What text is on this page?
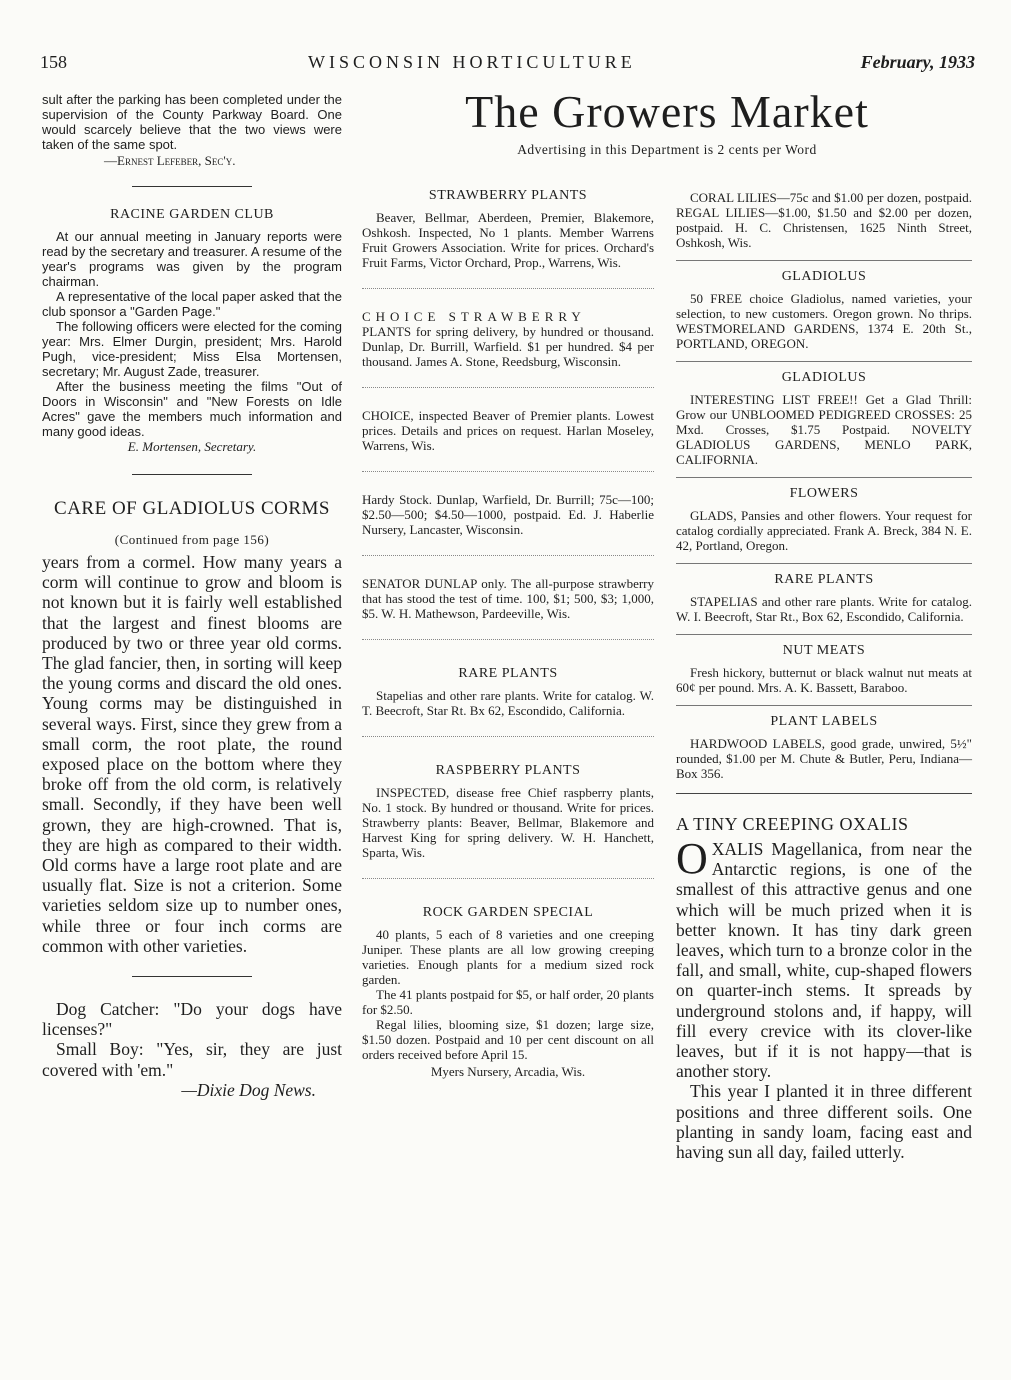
158	WISCONSIN HORTICULTURE	February, 1933

sult after the parking has been completed under the supervision of the County Parkway Board. One would scarcely believe that the two views were taken of the same spot.

—Ernest Lefeber, Sec'y.
RACINE GARDEN CLUB

At our annual meeting in January reports were read by the secretary and treasurer. A resume of the year's programs was given by the program chairman.

A representative of the local paper asked that the club sponsor a "Garden Page."

The following officers were elected for the coming year: Mrs. Elmer Durgin, president; Mrs. Harold Pugh, vice-president; Miss Elsa Mortensen, secretary; Mr. August Zade, treasurer.

After the business meeting the films "Out of Doors in Wisconsin" and "New Forests on Idle Acres" gave the members much information and many good ideas.

E. Mortensen, Secretary.
CARE OF GLADIOLUS CORMS
(Continued from page 156)

years from a cormel. How many years a corm will continue to grow and bloom is not known but it is fairly well established that the largest and finest blooms are produced by two or three year old corms. The glad fancier, then, in sorting will keep the young corms and discard the old ones. Young corms may be distinguished in several ways. First, since they grew from a small corm, the root plate, the round exposed place on the bottom where they broke off from the old corm, is relatively small. Secondly, if they have been well grown, they are high-crowned. That is, they are high as compared to their width. Old corms have a large root plate and are usually flat. Size is not a criterion. Some varieties seldom size up to number ones, while three or four inch corms are common with other varieties.

Dog Catcher: "Do your dogs have licenses?"

Small Boy: "Yes, sir, they are just covered with 'em."

—Dixie Dog News.
The Growers Market
Advertising in this Department is 2 cents per Word
STRAWBERRY PLANTS

Beaver, Bellmar, Aberdeen, Premier, Blakemore, Oshkosh. Inspected, No 1 plants. Member Warrens Fruit Growers Association. Write for prices. Orchard's Fruit Farms, Victor Orchard, Prop., Warrens, Wis.

CHOICE STRAWBERRY

PLANTS for spring delivery, by hundred or thousand. Dunlap, Dr. Burrill, Warfield. $1 per hundred. $4 per thousand. James A. Stone, Reedsburg, Wisconsin.

CHOICE, inspected Beaver of Premier plants. Lowest prices. Details and prices on request. Harlan Moseley, Warrens, Wis.

Hardy Stock. Dunlap, Warfield, Dr. Burrill; 75c—100; $2.50—500; $4.50—1000, postpaid. Ed. J. Haberlie Nursery, Lancaster, Wisconsin.

SENATOR DUNLAP only. The all-purpose strawberry that has stood the test of time. 100, $1; 500, $3; 1,000, $5. W. H. Mathewson, Pardeeville, Wis.

RARE PLANTS

Stapelias and other rare plants. Write for catalog. W. T. Beecroft, Star Rt. Bx 62, Escondido, California.

RASPBERRY PLANTS

INSPECTED, disease free Chief raspberry plants, No. 1 stock. By hundred or thousand. Write for prices. Strawberry plants: Beaver, Bellmar, Blakemore and Harvest King for spring delivery. W. H. Hanchett, Sparta, Wis.

ROCK GARDEN SPECIAL

40 plants, 5 each of 8 varieties and one creeping Juniper. These plants are all low growing creeping varieties. Enough plants for a medium sized rock garden.

The 41 plants postpaid for $5, or half order, 20 plants for $2.50.

Regal lilies, blooming size, $1 dozen; large size, $1.50 dozen. Postpaid and 10 per cent discount on all orders received before April 15.

Myers Nursery, Arcadia, Wis.

CORAL LILIES—75c and $1.00 per dozen, postpaid. REGAL LILIES—$1.00, $1.50 and $2.00 per dozen, postpaid. H. C. Christensen, 1625 Ninth Street, Oshkosh, Wis.

GLADIOLUS

50 FREE choice Gladiolus, named varieties, your selection, to new customers. Oregon grown. No thrips. WESTMORELAND GARDENS, 1374 E. 20th St., PORTLAND, OREGON.

GLADIOLUS

INTERESTING LIST FREE!! Get a Glad Thrill: Grow our UNBLOOMED PEDIGREED CROSSES: 25 Mxd. Crosses, $1.75 Postpaid. NOVELTY GLADIOLUS GARDENS, MENLO PARK, CALIFORNIA.

FLOWERS

GLADS, Pansies and other flowers. Your request for catalog cordially appreciated. Frank A. Breck, 384 N. E. 42, Portland, Oregon.

RARE PLANTS

STAPELIAS and other rare plants. Write for catalog. W. I. Beecroft, Star Rt., Box 62, Escondido, California.

NUT MEATS

Fresh hickory, butternut or black walnut nut meats at 60¢ per pound. Mrs. A. K. Bassett, Baraboo.

PLANT LABELS

HARDWOOD LABELS, good grade, unwired, 5½" rounded, $1.00 per M. Chute & Butler, Peru, Indiana—Box 356.

A TINY CREEPING OXALIS

OXALIS Magellanica, from near the Antarctic regions, is one of the smallest of this attractive genus and one which will be much prized when it is better known. It has tiny dark green leaves, which turn to a bronze color in the fall, and small, white, cup-shaped flowers on quarter-inch stems. It spreads by underground stolons and, if happy, will fill every crevice with its clover-like leaves, but if it is not happy—that is another story.

This year I planted it in three different positions and three different soils. One planting in sandy loam, facing east and having sun all day, failed utterly.
